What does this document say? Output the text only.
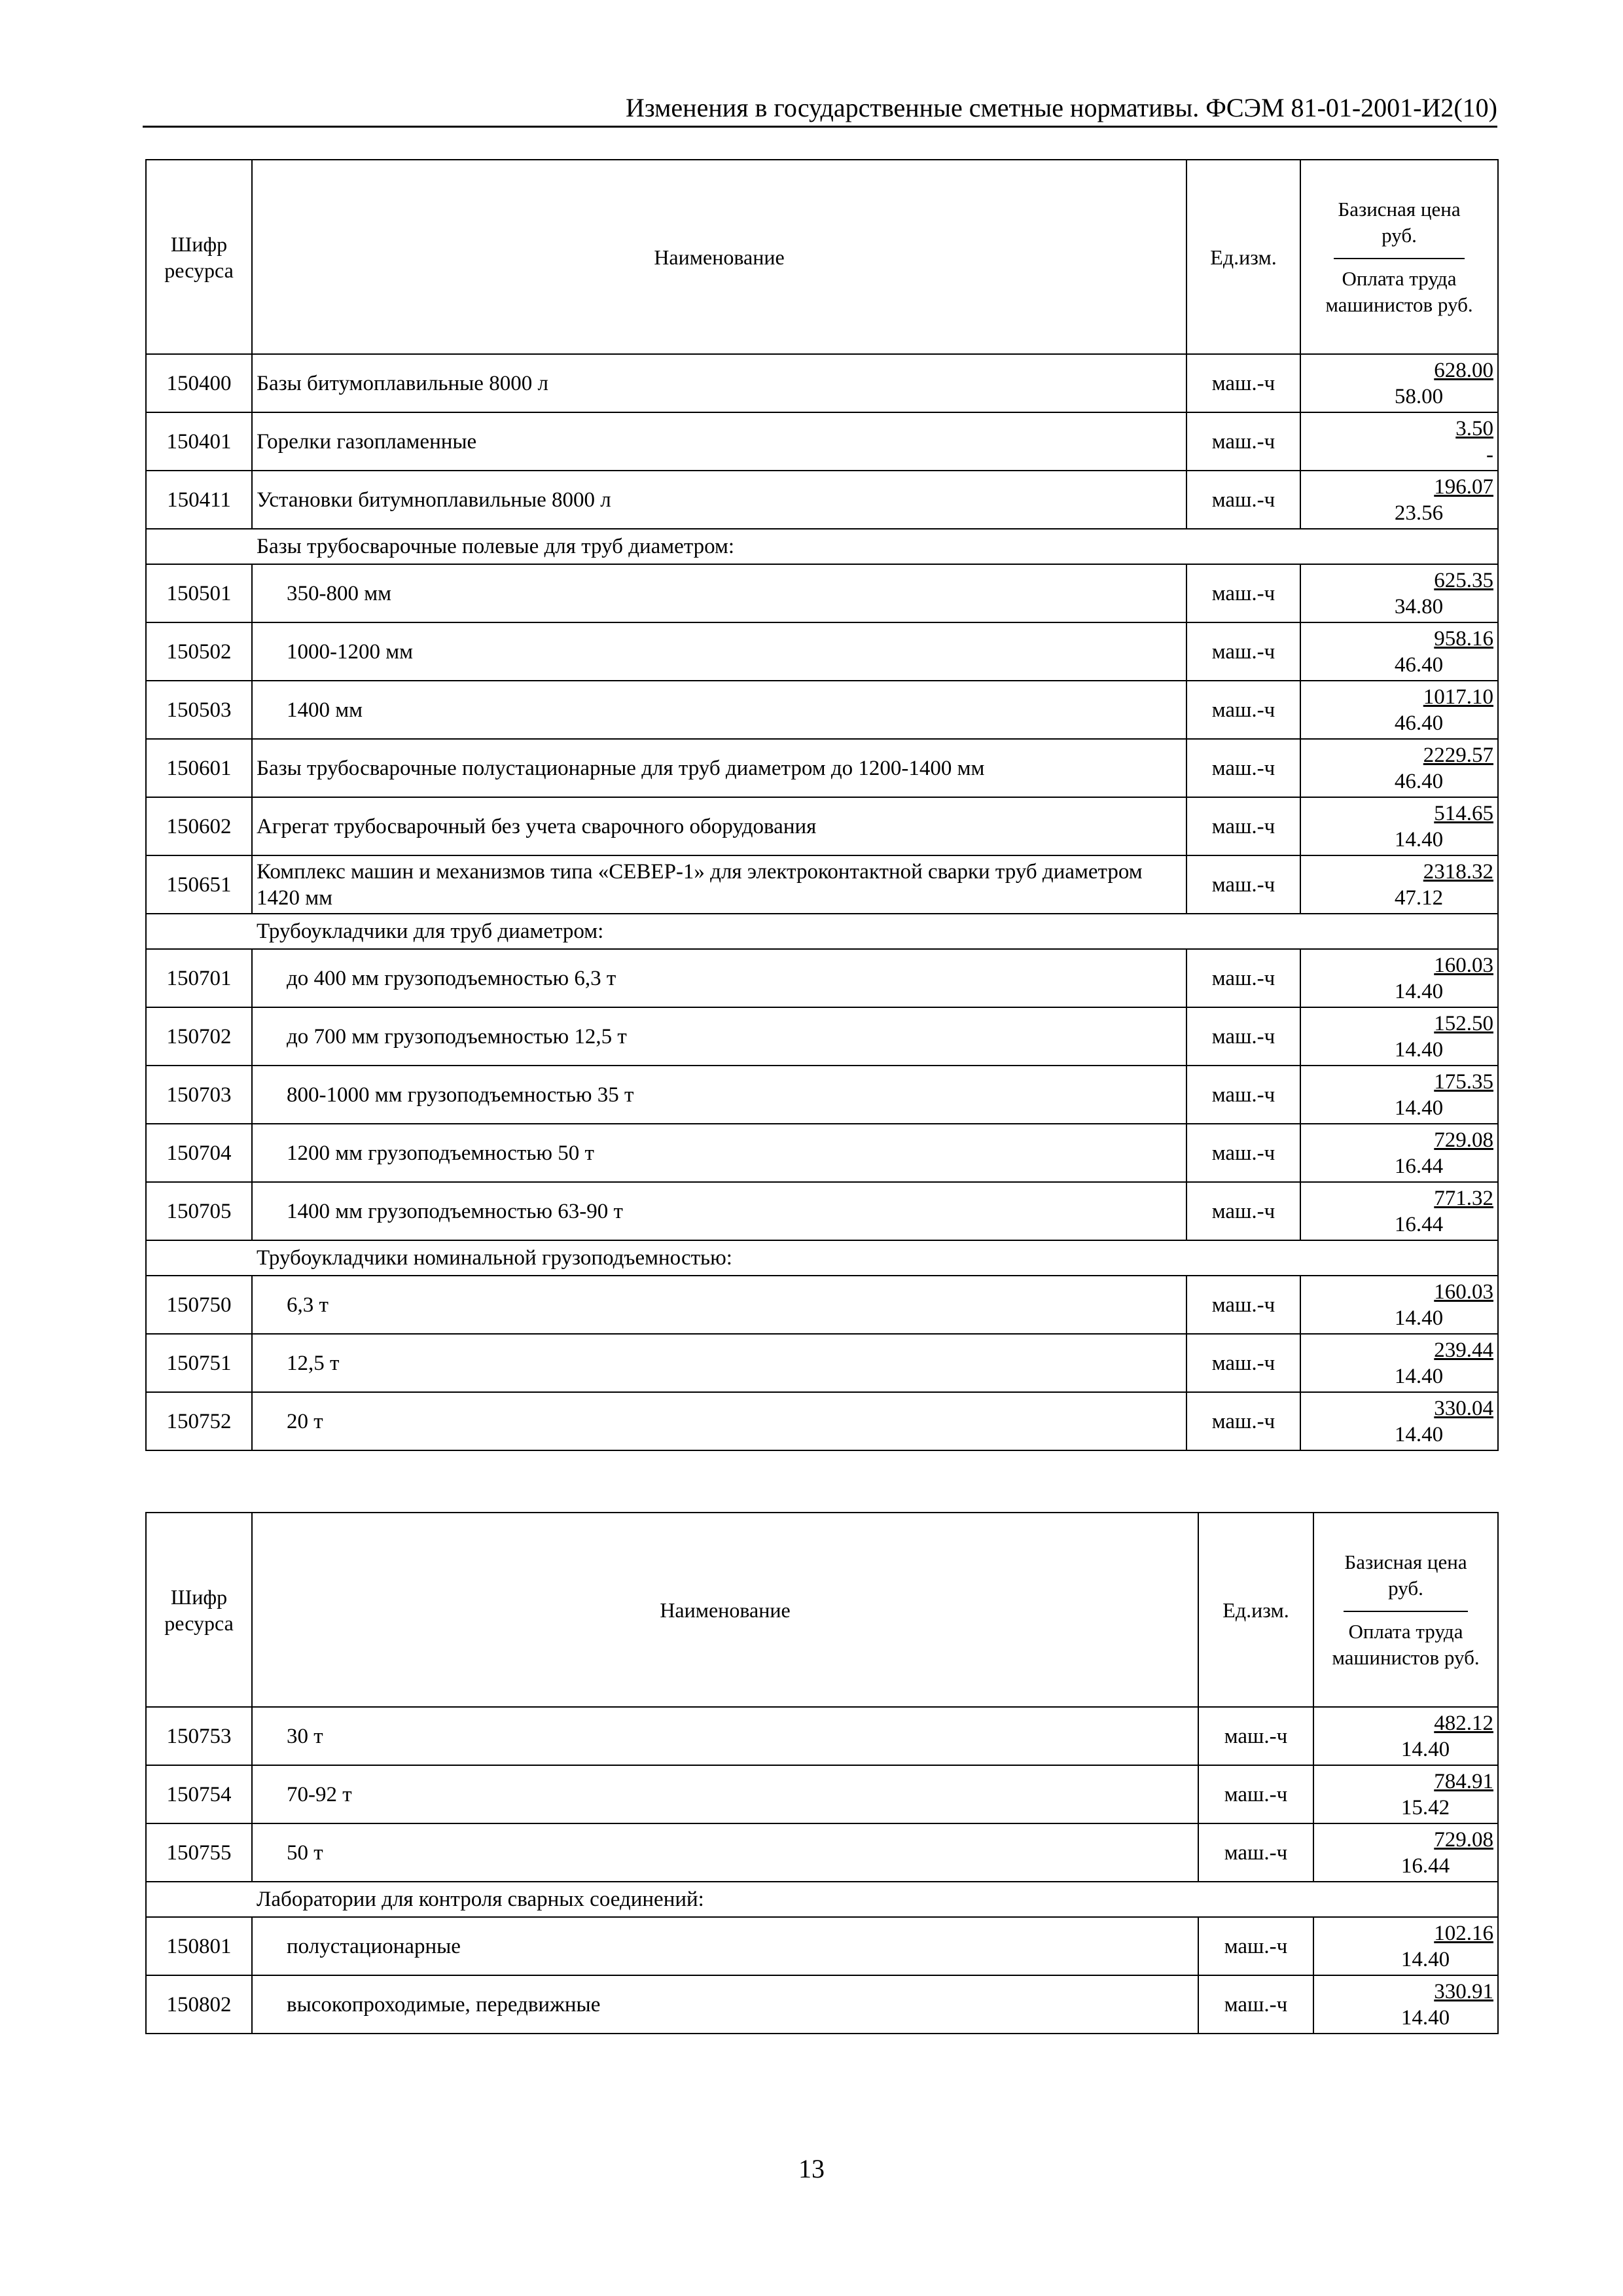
Изменения в государственные сметные нормативы. ФСЭМ 81-01-2001-И2(10)
Шифр ресурса	Наименование	Ед.изм.	Базисная цена руб.
Оплата труда машинистов руб.

150400	Базы битумоплавильные 8000 л	маш.-ч	628.00
58.00

150401	Горелки газопламенные	маш.-ч	3.50
-

150411	Установки битумноплавильные 8000 л	маш.-ч	196.07
23.56

Базы трубосварочные полевые для труб диаметром:			
150501	350-800 мм	маш.-ч	625.35
34.80

150502	1000-1200 мм	маш.-ч	958.16
46.40

150503	1400 мм	маш.-ч	1017.10
46.40

150601	Базы трубосварочные полустационарные для труб диаметром до 1200-1400 мм	маш.-ч	2229.57
46.40

150602	Агрегат трубосварочный без учета сварочного оборудования	маш.-ч	514.65
14.40

150651	Комплекс машин и механизмов типа «СЕВЕР-1» для электроконтактной сварки труб диаметром 1420 мм	маш.-ч	2318.32
47.12

Трубоукладчики для труб диаметром:			
150701	до 400 мм грузоподъемностью 6,3 т	маш.-ч	160.03
14.40

150702	до 700 мм грузоподъемностью 12,5 т	маш.-ч	152.50
14.40

150703	800-1000 мм грузоподъемностью 35 т	маш.-ч	175.35
14.40

150704	1200 мм грузоподъемностью 50 т	маш.-ч	729.08
16.44

150705	1400 мм грузоподъемностью 63-90 т	маш.-ч	771.32
16.44

Трубоукладчики номинальной грузоподъемностью:			
150750	6,3 т	маш.-ч	160.03
14.40

150751	12,5 т	маш.-ч	239.44
14.40

150752	20 т	маш.-ч	330.04
14.40
Шифр ресурса	Наименование	Ед.изм.	Базисная цена руб.
Оплата труда машинистов руб.

150753	30 т	маш.-ч	482.12
14.40

150754	70-92 т	маш.-ч	784.91
15.42

150755	50 т	маш.-ч	729.08
16.44

Лаборатории для контроля сварных соединений:			
150801	полустационарные	маш.-ч	102.16
14.40

150802	высокопроходимые, передвижные	маш.-ч	330.91
14.40
13
